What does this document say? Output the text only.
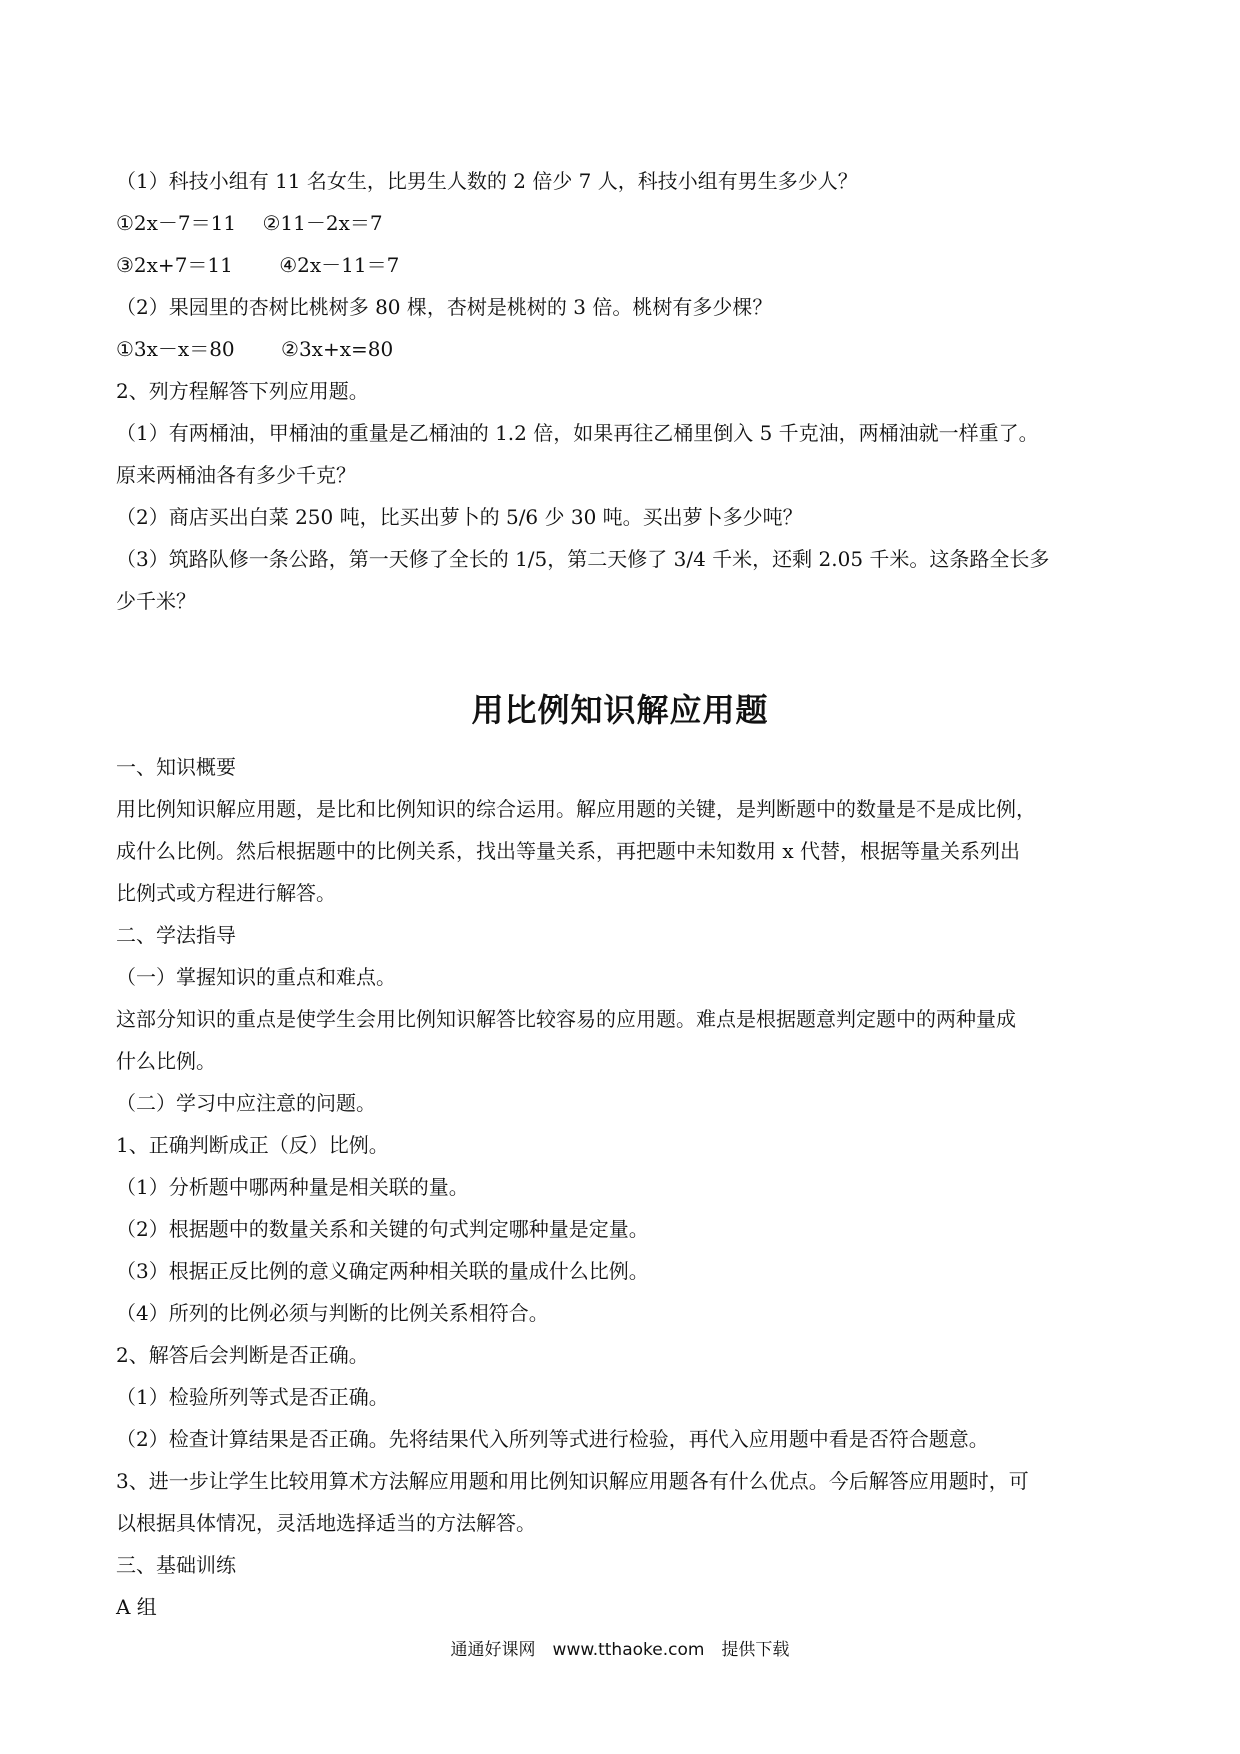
（1）科技小组有 11 名女生，比男生人数的 2 倍少 7 人，科技小组有男生多少人？

①2x－7＝11　 ②11－2x＝7

③2x+7＝11　　 ④2x－11＝7

（2）果园里的杏树比桃树多 80 棵，杏树是桃树的 3 倍。桃树有多少棵？

①3x－x＝80　　 ②3x+x=80

2、列方程解答下列应用题。

（1）有两桶油，甲桶油的重量是乙桶油的 1.2 倍，如果再往乙桶里倒入 5 千克油，两桶油就一样重了。

原来两桶油各有多少千克？

（2）商店买出白菜 250 吨，比买出萝卜的 5/6 少 30 吨。买出萝卜多少吨？

（3）筑路队修一条公路，第一天修了全长的 1/5，第二天修了 3/4 千米，还剩 2.05 千米。这条路全长多

少千米？

用比例知识解应用题

一、知识概要

用比例知识解应用题，是比和比例知识的综合运用。解应用题的关键，是判断题中的数量是不是成比例，

成什么比例。然后根据题中的比例关系，找出等量关系，再把题中未知数用 x 代替，根据等量关系列出

比例式或方程进行解答。

二、学法指导

（一）掌握知识的重点和难点。

这部分知识的重点是使学生会用比例知识解答比较容易的应用题。难点是根据题意判定题中的两种量成

什么比例。

（二）学习中应注意的问题。

1、正确判断成正（反）比例。

（1）分析题中哪两种量是相关联的量。

（2）根据题中的数量关系和关键的句式判定哪种量是定量。

（3）根据正反比例的意义确定两种相关联的量成什么比例。

（4）所列的比例必须与判断的比例关系相符合。

2、解答后会判断是否正确。

（1）检验所列等式是否正确。

（2）检查计算结果是否正确。先将结果代入所列等式进行检验，再代入应用题中看是否符合题意。

3、进一步让学生比较用算术方法解应用题和用比例知识解应用题各有什么优点。今后解答应用题时，可

以根据具体情况，灵活地选择适当的方法解答。

三、基础训练

A 组

通通好课网　www.tthaoke.com　提供下载
